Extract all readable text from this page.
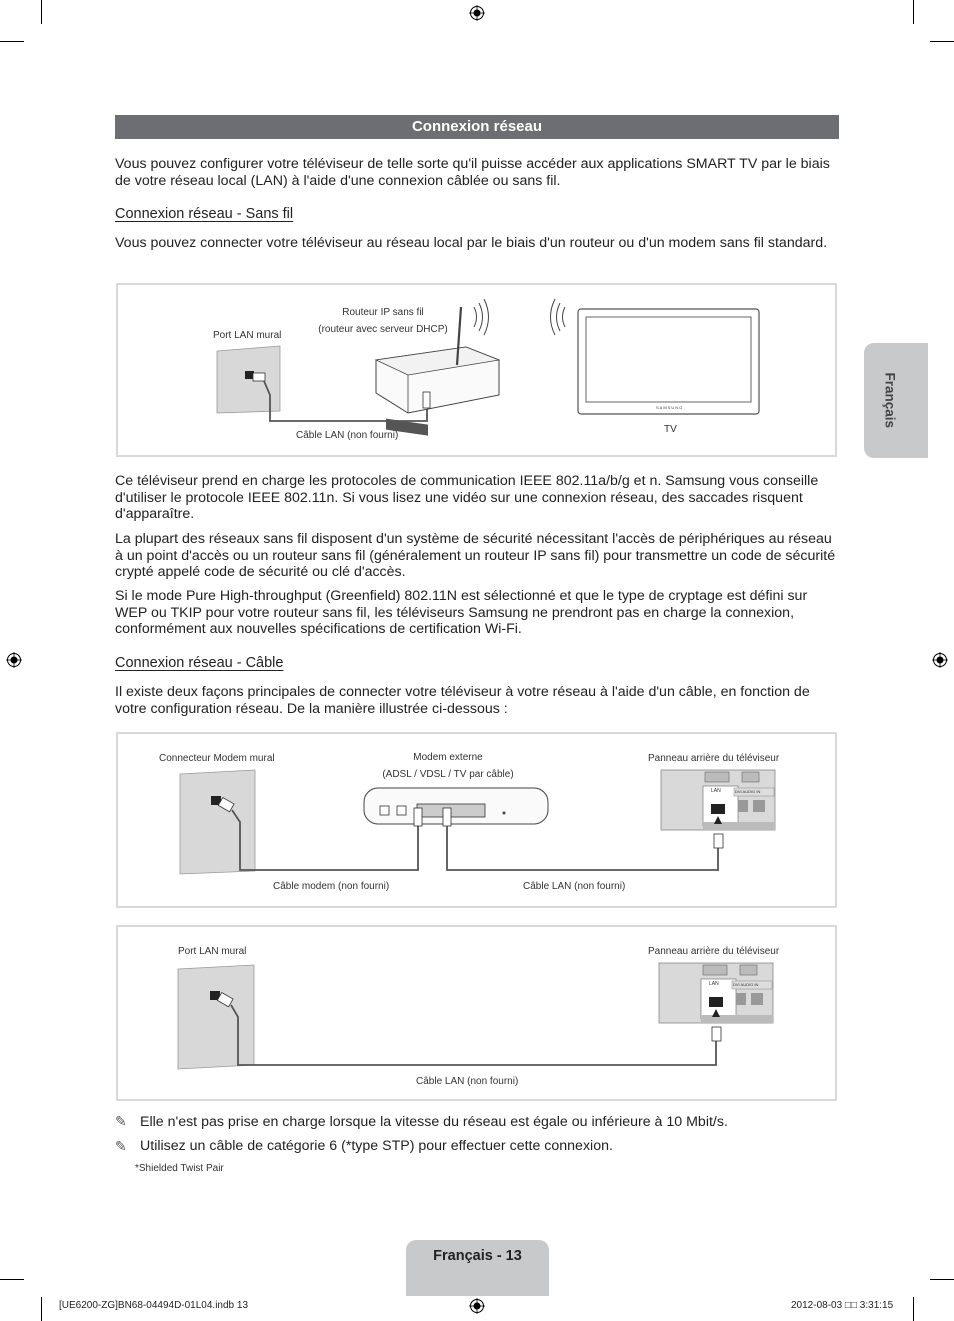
Connexion réseau
Vous pouvez configurer votre téléviseur de telle sorte qu'il puisse accéder aux applications SMART TV par le biais de votre réseau local (LAN) à l'aide d'une connexion câblée ou sans fil.
Connexion réseau - Sans fil
Vous pouvez connecter votre téléviseur au réseau local par le biais d'un routeur ou d'un modem sans fil standard.
Port LAN mural
Routeur IP sans fil
(routeur avec serveur DHCP)
Câble LAN (non fourni)
TV
SAMSUNG
Ce téléviseur prend en charge les protocoles de communication IEEE 802.11a/b/g et n. Samsung vous conseille d'utiliser le protocole IEEE 802.11n. Si vous lisez une vidéo sur une connexion réseau, des saccades risquent d'apparaître.
La plupart des réseaux sans fil disposent d'un système de sécurité nécessitant l'accès de périphériques au réseau à un point d'accès ou un routeur sans fil (généralement un routeur IP sans fil) pour transmettre un code de sécurité crypté appelé code de sécurité ou clé d'accès.
Si le mode Pure High-throughput (Greenfield) 802.11N est sélectionné et que le type de cryptage est défini sur WEP ou TKIP pour votre routeur sans fil, les téléviseurs Samsung ne prendront pas en charge la connexion, conformément aux nouvelles spécifications de certification Wi-Fi.
Connexion réseau - Câble
Il existe deux façons principales de connecter votre téléviseur à votre réseau à l'aide d'un câble, en fonction de votre configuration réseau. De la manière illustrée ci-dessous :
Connecteur Modem mural	Modem externe
(ADSL / VDSL / TV par câble)
Panneau arrière du téléviseur
Câble modem (non fourni)	Câble LAN (non fourni)
LAN	DVI AUDIO IN
Port LAN mural	Panneau arrière du téléviseur
Câble LAN (non fourni)
LAN	DVI AUDIO IN
✎ Elle n'est pas prise en charge lorsque la vitesse du réseau est égale ou inférieure à 10 Mbit/s.
✎ Utilisez un câble de catégorie 6 (*type STP) pour effectuer cette connexion.
*Shielded Twist Pair
Français
Français - 13
[UE6200-ZG]BN68-04494D-01L04.indb 13	2012-08-03 □□ 3:31:15
